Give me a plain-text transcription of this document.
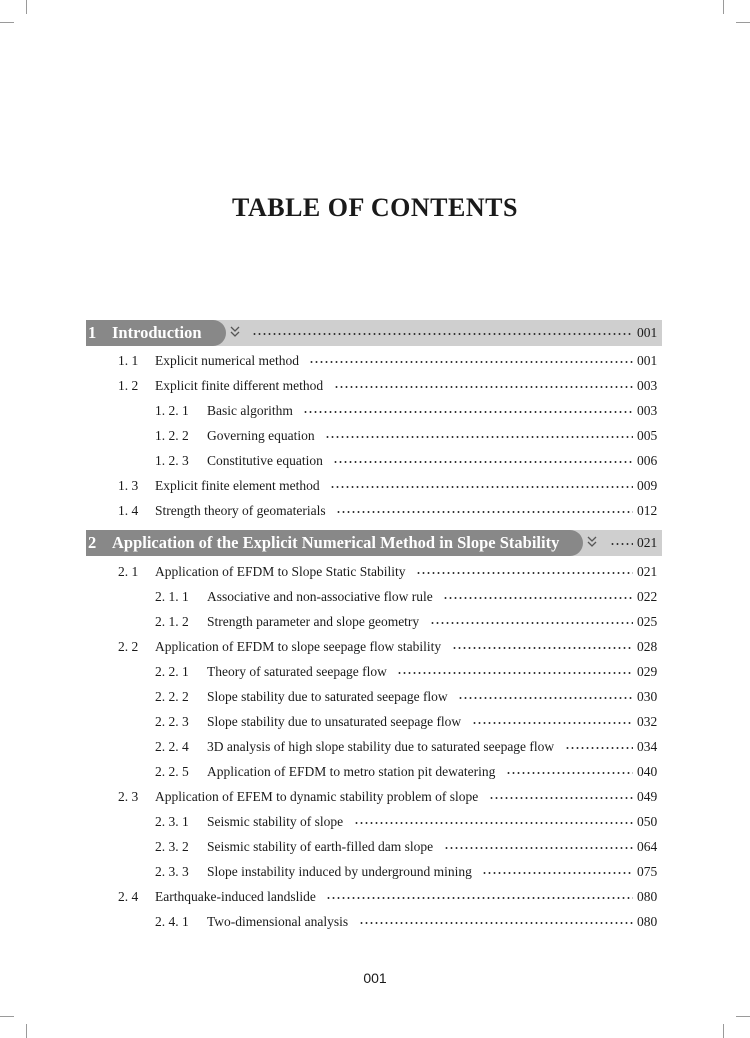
TABLE OF CONTENTS
1 Introduction	001
1. 1 Explicit numerical method	001
1. 2 Explicit finite different method	003
1. 2. 1 Basic algorithm	003
1. 2. 2 Governing equation	005
1. 2. 3 Constitutive equation	006
1. 3 Explicit finite element method	009
1. 4 Strength theory of geomaterials	012
2 Application of the Explicit Numerical Method in Slope Stability	021
2. 1 Application of EFDM to Slope Static Stability	021
2. 1. 1 Associative and non-associative flow rule	022
2. 1. 2 Strength parameter and slope geometry	025
2. 2 Application of EFDM to slope seepage flow stability	028
2. 2. 1 Theory of saturated seepage flow	029
2. 2. 2 Slope stability due to saturated seepage flow	030
2. 2. 3 Slope stability due to unsaturated seepage flow	032
2. 2. 4 3D analysis of high slope stability due to saturated seepage flow	034
2. 2. 5 Application of EFDM to metro station pit dewatering	040
2. 3 Application of EFEM to dynamic stability problem of slope	049
2. 3. 1 Seismic stability of slope	050
2. 3. 2 Seismic stability of earth-filled dam slope	064
2. 3. 3 Slope instability induced by underground mining	075
2. 4 Earthquake-induced landslide	080
2. 4. 1 Two-dimensional analysis	080
001
